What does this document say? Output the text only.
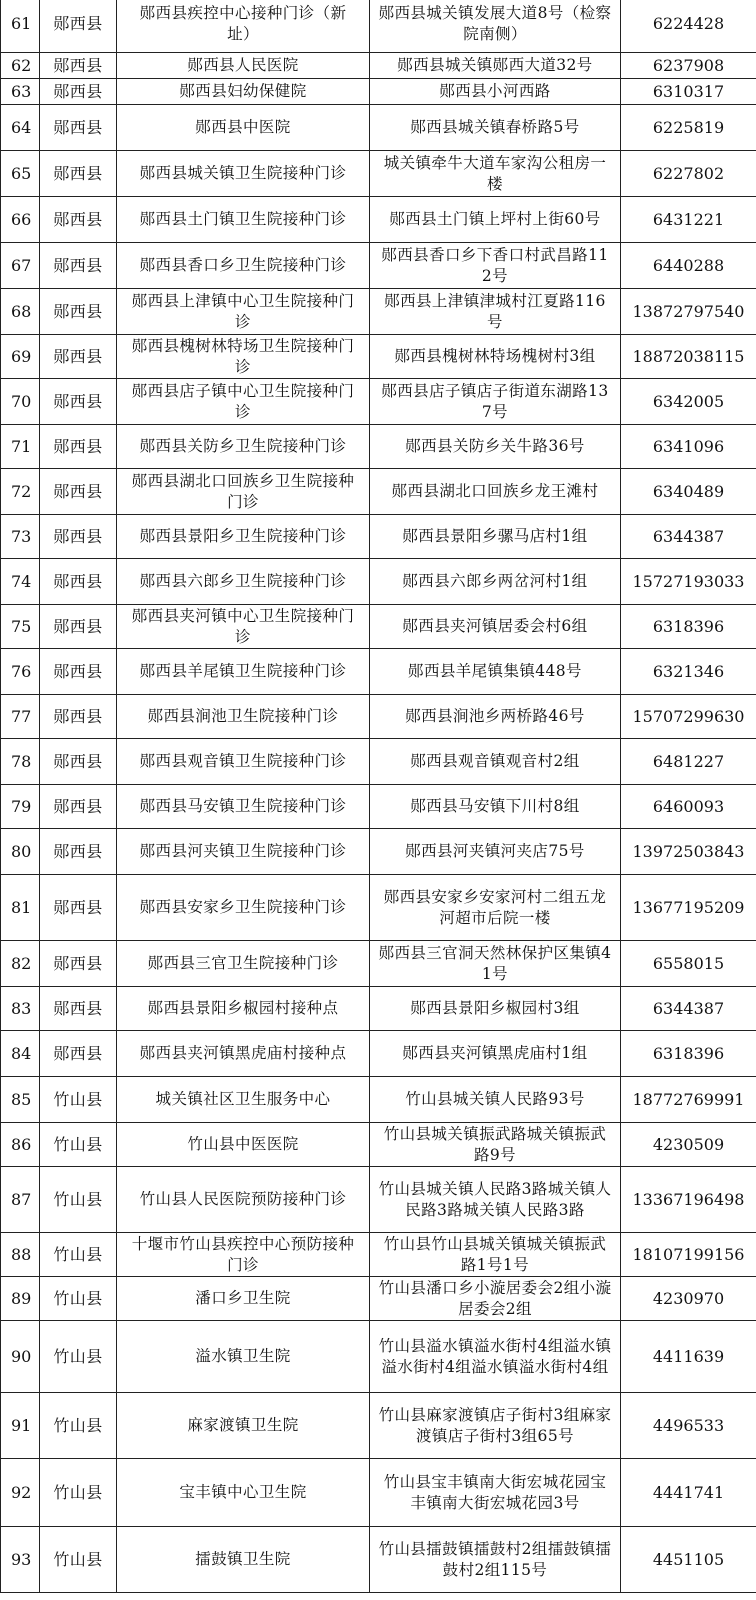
61	郧西县	郧西县疾控中心接种门诊（新址）	郧西县城关镇发展大道8号（检察院南侧）	6224428
62	郧西县	郧西县人民医院	郧西县城关镇郧西大道32号	6237908
63	郧西县	郧西县妇幼保健院	郧西县小河西路	6310317
64	郧西县	郧西县中医院	郧西县城关镇春桥路5号	6225819
65	郧西县	郧西县城关镇卫生院接种门诊	城关镇牵牛大道车家沟公租房一楼	6227802
66	郧西县	郧西县土门镇卫生院接种门诊	郧西县土门镇上坪村上街60号	6431221
67	郧西县	郧西县香口乡卫生院接种门诊	郧西县香口乡下香口村武昌路112号	6440288
68	郧西县	郧西县上津镇中心卫生院接种门诊	郧西县上津镇津城村江夏路116号	13872797540
69	郧西县	郧西县槐树林特场卫生院接种门诊	郧西县槐树林特场槐树村3组	18872038115
70	郧西县	郧西县店子镇中心卫生院接种门诊	郧西县店子镇店子街道东湖路137号	6342005
71	郧西县	郧西县关防乡卫生院接种门诊	郧西县关防乡关牛路36号	6341096
72	郧西县	郧西县湖北口回族乡卫生院接种门诊	郧西县湖北口回族乡龙王滩村	6340489
73	郧西县	郧西县景阳乡卫生院接种门诊	郧西县景阳乡骡马店村1组	6344387
74	郧西县	郧西县六郎乡卫生院接种门诊	郧西县六郎乡两岔河村1组	15727193033
75	郧西县	郧西县夹河镇中心卫生院接种门诊	郧西县夹河镇居委会村6组	6318396
76	郧西县	郧西县羊尾镇卫生院接种门诊	郧西县羊尾镇集镇448号	6321346
77	郧西县	郧西县涧池卫生院接种门诊	郧西县涧池乡两桥路46号	15707299630
78	郧西县	郧西县观音镇卫生院接种门诊	郧西县观音镇观音村2组	6481227
79	郧西县	郧西县马安镇卫生院接种门诊	郧西县马安镇下川村8组	6460093
80	郧西县	郧西县河夹镇卫生院接种门诊	郧西县河夹镇河夹店75号	13972503843
81	郧西县	郧西县安家乡卫生院接种门诊	郧西县安家乡安家河村二组五龙河超市后院一楼	13677195209
82	郧西县	郧西县三官卫生院接种门诊	郧西县三官洞天然林保护区集镇41号	6558015
83	郧西县	郧西县景阳乡椒园村接种点	郧西县景阳乡椒园村3组	6344387
84	郧西县	郧西县夹河镇黑虎庙村接种点	郧西县夹河镇黑虎庙村1组	6318396
85	竹山县	城关镇社区卫生服务中心	竹山县城关镇人民路93号	18772769991
86	竹山县	竹山县中医医院	竹山县城关镇振武路城关镇振武路9号	4230509
87	竹山县	竹山县人民医院预防接种门诊	竹山县城关镇人民路3路城关镇人民路3路城关镇人民路3路	13367196498
88	竹山县	十堰市竹山县疾控中心预防接种门诊	竹山县竹山县城关镇城关镇振武路1号1号	18107199156
89	竹山县	潘口乡卫生院	竹山县潘口乡小漩居委会2组小漩居委会2组	4230970
90	竹山县	溢水镇卫生院	竹山县溢水镇溢水街村4组溢水镇溢水街村4组溢水镇溢水街村4组	4411639
91	竹山县	麻家渡镇卫生院	竹山县麻家渡镇店子街村3组麻家渡镇店子街村3组65号	4496533
92	竹山县	宝丰镇中心卫生院	竹山县宝丰镇南大街宏城花园宝丰镇南大街宏城花园3号	4441741
93	竹山县	擂鼓镇卫生院	竹山县擂鼓镇擂鼓村2组擂鼓镇擂鼓村2组115号	4451105
